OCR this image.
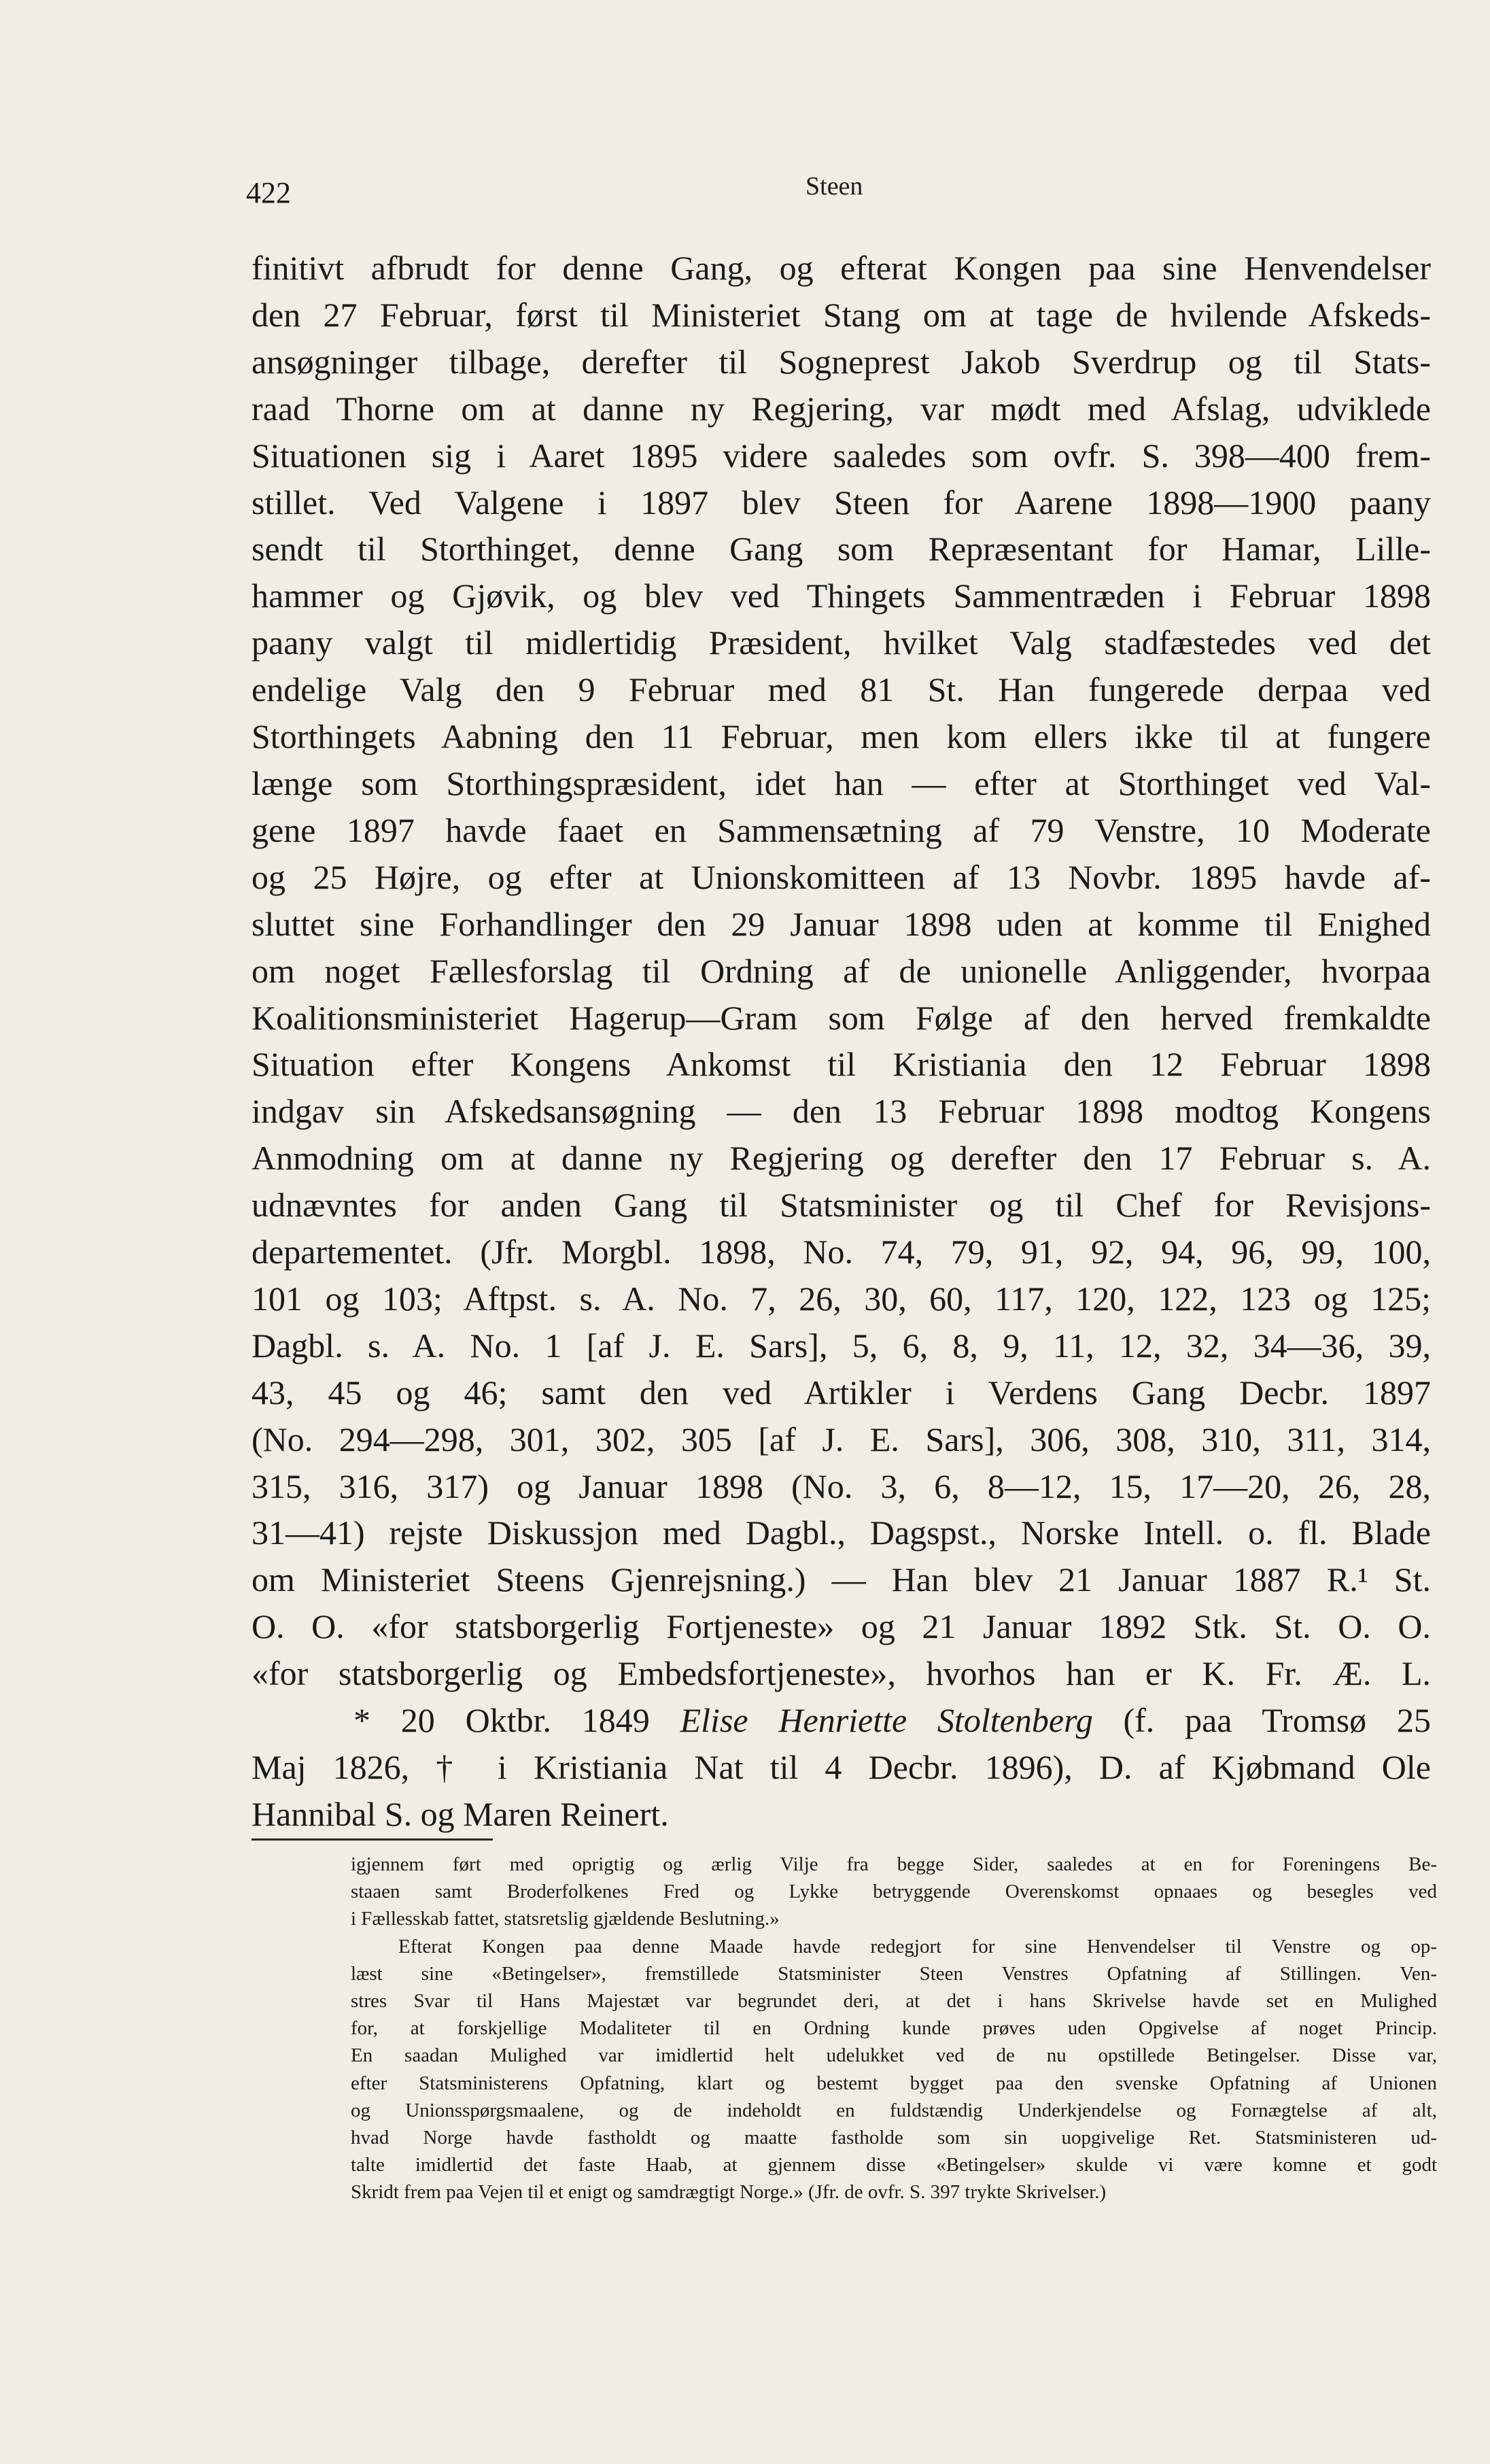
422	Steen
finitivt afbrudt for denne Gang, og efterat Kongen paa sine Henvendelser
den 27 Februar, først til Ministeriet Stang om at tage de hvilende Afskeds-
ansøgninger tilbage, derefter til Sogneprest Jakob Sverdrup og til Stats-
raad Thorne om at danne ny Regjering, var mødt med Afslag, udviklede
Situationen sig i Aaret 1895 videre saaledes som ovfr. S. 398—400 frem-
stillet. Ved Valgene i 1897 blev Steen for Aarene 1898—1900 paany
sendt til Storthinget, denne Gang som Repræsentant for Hamar, Lille-
hammer og Gjøvik, og blev ved Thingets Sammentræden i Februar 1898
paany valgt til midlertidig Præsident, hvilket Valg stadfæstedes ved det
endelige Valg den 9 Februar med 81 St. Han fungerede derpaa ved
Storthingets Aabning den 11 Februar, men kom ellers ikke til at fungere
længe som Storthingspræsident, idet han — efter at Storthinget ved Val-
gene 1897 havde faaet en Sammensætning af 79 Venstre, 10 Moderate
og 25 Højre, og efter at Unionskomitteen af 13 Novbr. 1895 havde af-
sluttet sine Forhandlinger den 29 Januar 1898 uden at komme til Enighed
om noget Fællesforslag til Ordning af de unionelle Anliggender, hvorpaa
Koalitionsministeriet Hagerup—Gram som Følge af den herved fremkaldte
Situation efter Kongens Ankomst til Kristiania den 12 Februar 1898
indgav sin Afskedsansøgning — den 13 Februar 1898 modtog Kongens
Anmodning om at danne ny Regjering og derefter den 17 Februar s. A.
udnævntes for anden Gang til Statsminister og til Chef for Revisjons-
departementet. (Jfr. Morgbl. 1898, No. 74, 79, 91, 92, 94, 96, 99, 100,
101 og 103; Aftpst. s. A. No. 7, 26, 30, 60, 117, 120, 122, 123 og 125;
Dagbl. s. A. No. 1 [af J. E. Sars], 5, 6, 8, 9, 11, 12, 32, 34—36, 39,
43, 45 og 46; samt den ved Artikler i Verdens Gang Decbr. 1897
(No. 294—298, 301, 302, 305 [af J. E. Sars], 306, 308, 310, 311, 314,
315, 316, 317) og Januar 1898 (No. 3, 6, 8—12, 15, 17—20, 26, 28,
31—41) rejste Diskussjon med Dagbl., Dagspst., Norske Intell. o. fl. Blade
om Ministeriet Steens Gjenrejsning.) — Han blev 21 Januar 1887 R.¹ St.
O. O. «for statsborgerlig Fortjeneste» og 21 Januar 1892 Stk. St. O. O.
«for statsborgerlig og Embedsfortjeneste», hvorhos han er K. Fr. Æ. L.
* 20 Oktbr. 1849 Elise Henriette Stoltenberg (f. paa Tromsø 25
Maj 1826, † i Kristiania Nat til 4 Decbr. 1896), D. af Kjøbmand Ole
Hannibal S. og Maren Reinert.
igjennem ført med oprigtig og ærlig Vilje fra begge Sider, saaledes at en for Foreningens Be-
staaen samt Broderfolkenes Fred og Lykke betryggende Overenskomst opnaaes og besegles ved
i Fællesskab fattet, statsretslig gjældende Beslutning.»
Efterat Kongen paa denne Maade havde redegjort for sine Henvendelser til Venstre og op-
læst sine «Betingelser», fremstillede Statsminister Steen Venstres Opfatning af Stillingen. Ven-
stres Svar til Hans Majestæt var begrundet deri, at det i hans Skrivelse havde set en Mulighed
for, at forskjellige Modaliteter til en Ordning kunde prøves uden Opgivelse af noget Princip.
En saadan Mulighed var imidlertid helt udelukket ved de nu opstillede Betingelser. Disse var,
efter Statsministerens Opfatning, klart og bestemt bygget paa den svenske Opfatning af Unionen
og Unionsspørgsmaalene, og de indeholdt en fuldstændig Underkjendelse og Fornægtelse af alt,
hvad Norge havde fastholdt og maatte fastholde som sin uopgivelige Ret. Statsministeren ud-
talte imidlertid det faste Haab, at gjennem disse «Betingelser» skulde vi være komne et godt
Skridt frem paa Vejen til et enigt og samdrægtigt Norge.» (Jfr. de ovfr. S. 397 trykte Skrivelser.)
